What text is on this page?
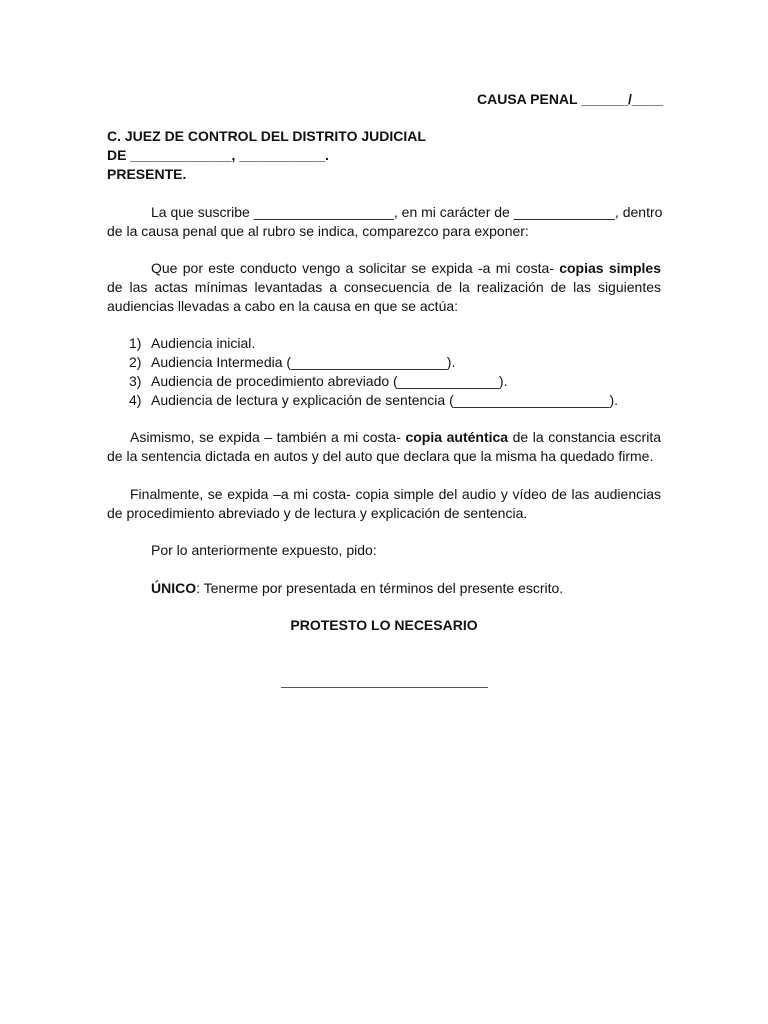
CAUSA PENAL ______/____
C. JUEZ DE CONTROL DEL DISTRITO JUDICIAL
DE _____________, ___________.
PRESENTE.
La que suscribe __________________, en mi carácter de _____________, dentro
de la causa penal que al rubro se indica, comparezco para exponer:
Que por este conducto vengo a solicitar se expida -a mi costa- copias simples de las actas mínimas levantadas a consecuencia de la realización de las siguientes audiencias llevadas a cabo en la causa en que se actúa:
1) Audiencia inicial.
2) Audiencia Intermedia (____________________).
3) Audiencia de procedimiento abreviado (_____________).
4) Audiencia de lectura y explicación de sentencia (____________________).
Asimismo, se expida – también a mi costa- copia auténtica de la constancia escrita de la sentencia dictada en autos y del auto que declara que la misma ha quedado firme.
Finalmente, se expida –a mi costa- copia simple del audio y vídeo de las audiencias de procedimiento abreviado y de lectura y explicación de sentencia.
Por lo anteriormente expuesto, pido:
ÚNICO: Tenerme por presentada en términos del presente escrito.
PROTESTO LO NECESARIO
